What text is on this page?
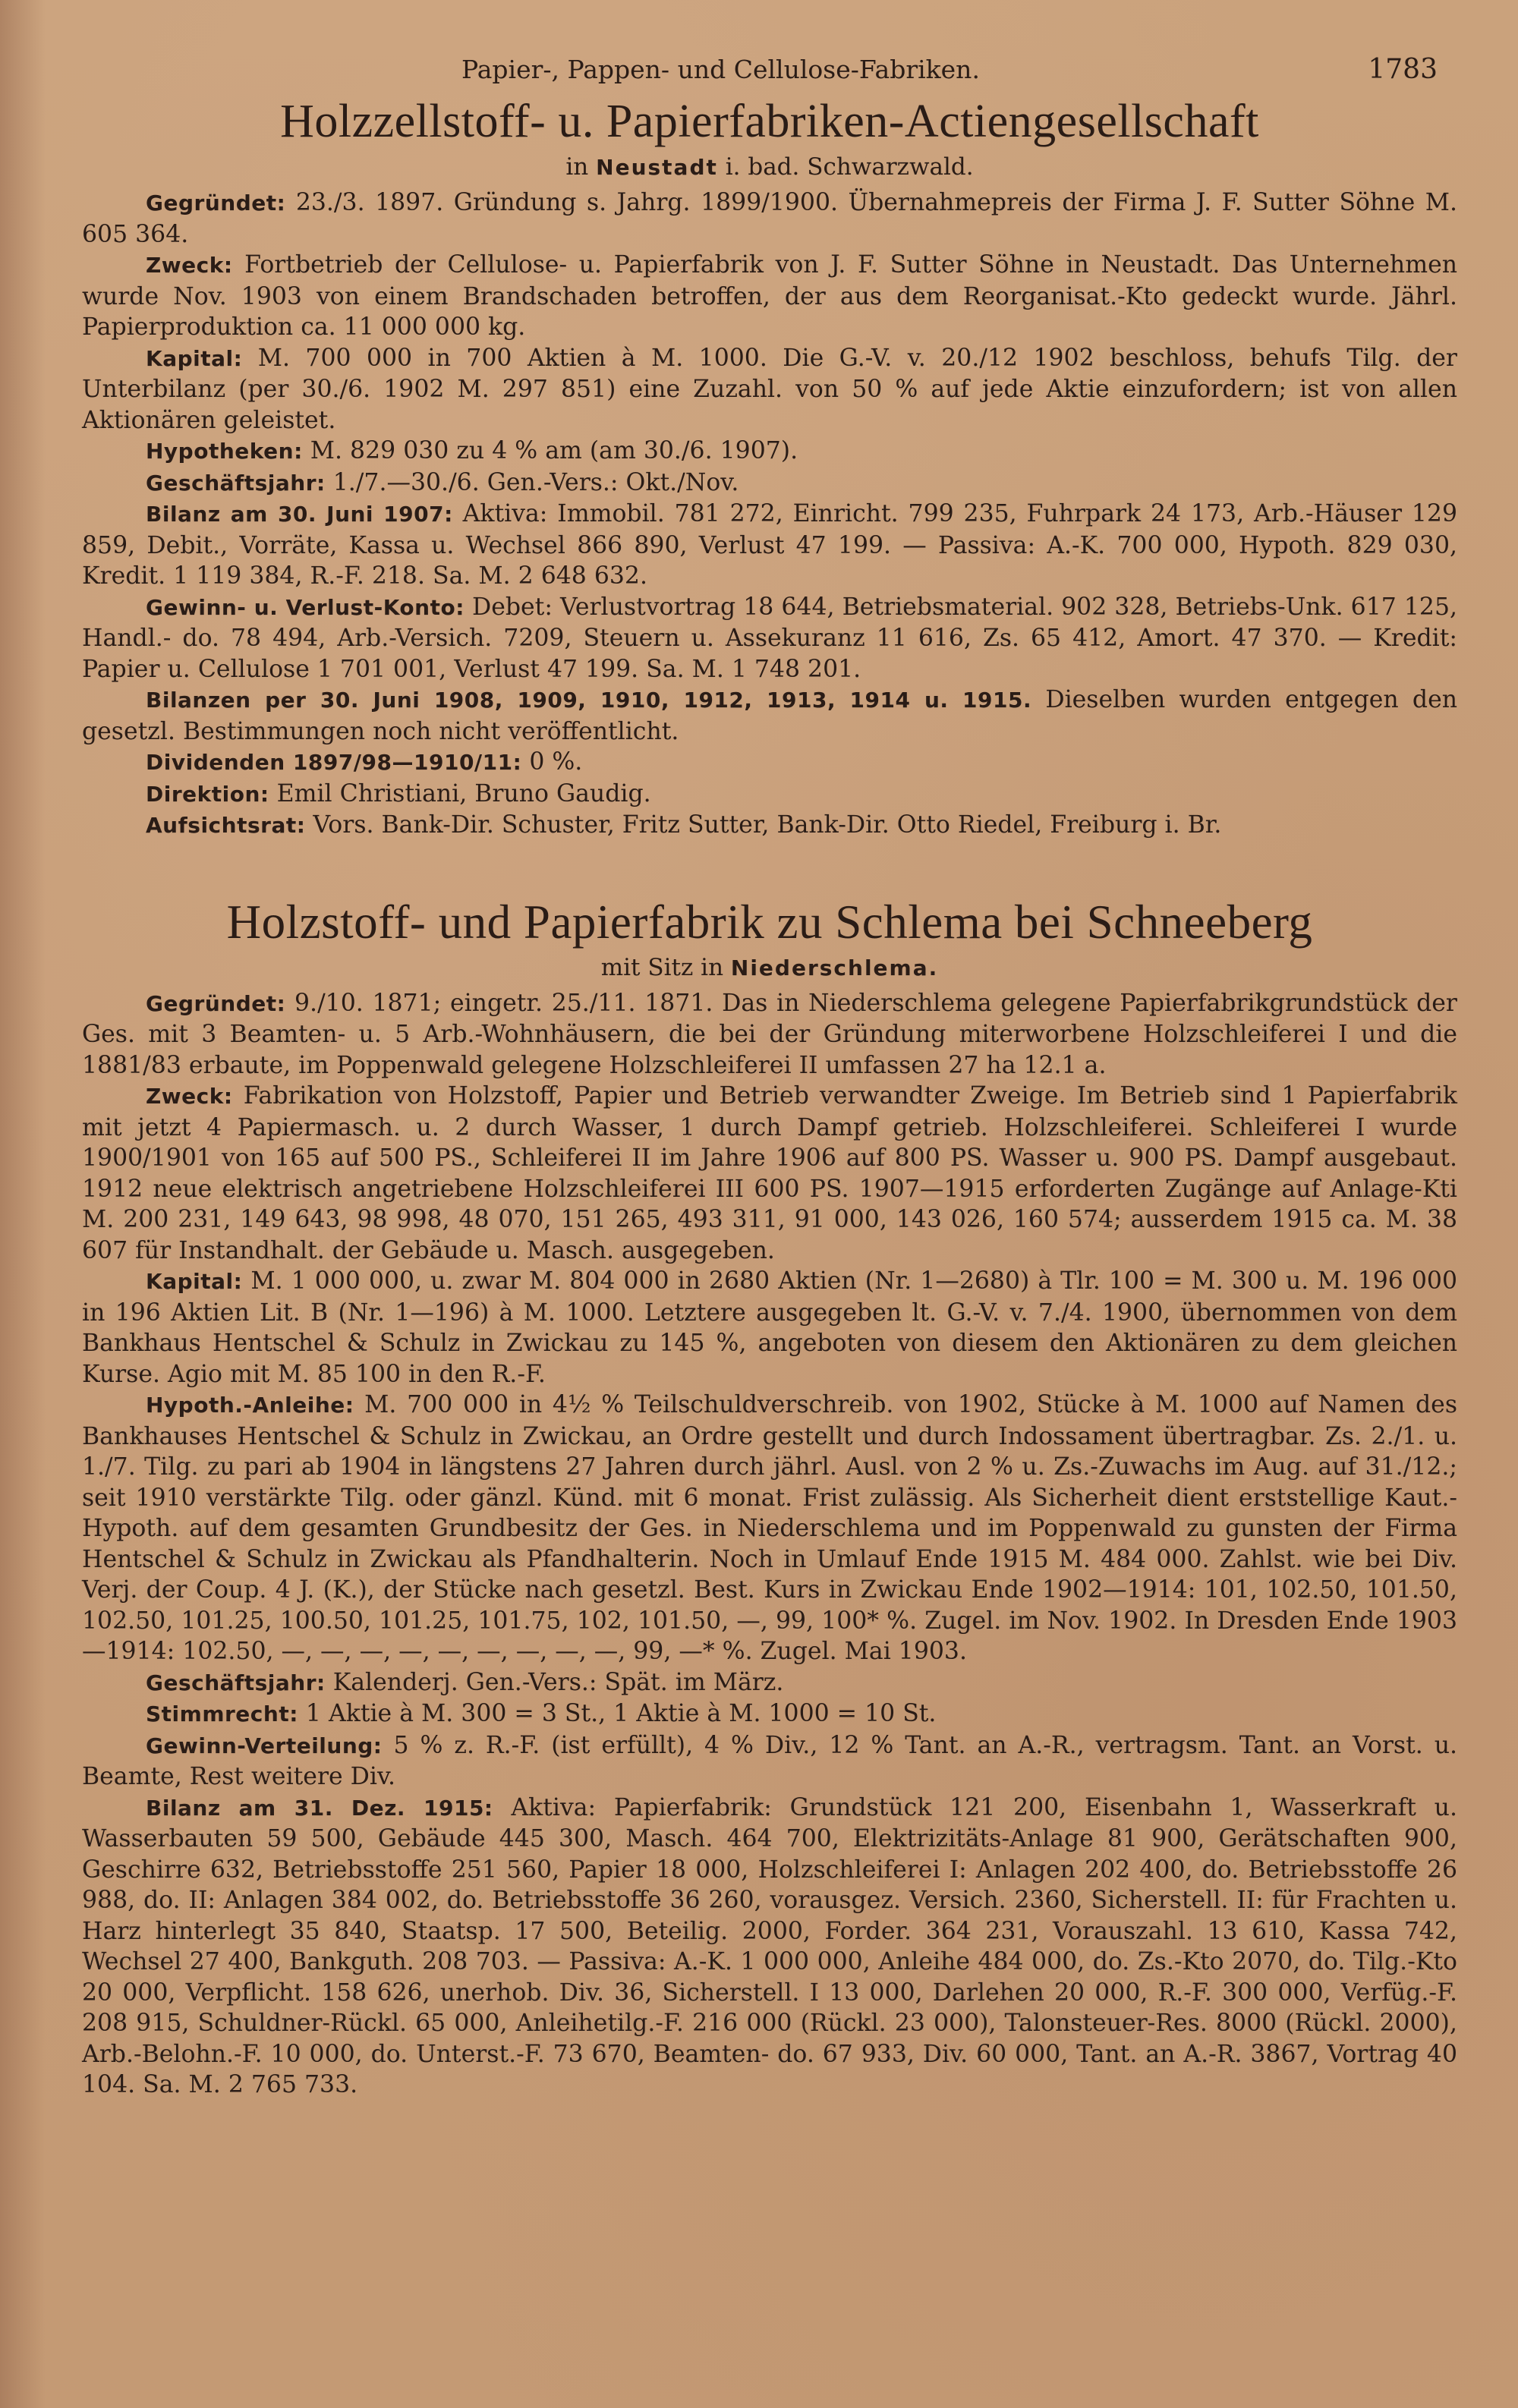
Papier-, Pappen- und Cellulose-Fabriken.	1783
Holzzellstoff- u. Papierfabriken-Actiengesellschaft
in Neustadt i. bad. Schwarzwald.

Gegründet: 23./3. 1897. Gründung s. Jahrg. 1899/1900. Übernahmepreis der Firma J. F. Sutter Söhne M. 605 364.

Zweck: Fortbetrieb der Cellulose- u. Papierfabrik von J. F. Sutter Söhne in Neustadt. Das Unternehmen wurde Nov. 1903 von einem Brandschaden betroffen, der aus dem Reorganisat.-Kto gedeckt wurde. Jährl. Papierproduktion ca. 11 000 000 kg.

Kapital: M. 700 000 in 700 Aktien à M. 1000. Die G.-V. v. 20./12 1902 beschloss, behufs Tilg. der Unterbilanz (per 30./6. 1902 M. 297 851) eine Zuzahl. von 50 % auf jede Aktie einzufordern; ist von allen Aktionären geleistet.

Hypotheken: M. 829 030 zu 4 % am (am 30./6. 1907).

Geschäftsjahr: 1./7.—30./6. Gen.-Vers.: Okt./Nov.

Bilanz am 30. Juni 1907: Aktiva: Immobil. 781 272, Einricht. 799 235, Fuhrpark 24 173, Arb.-Häuser 129 859, Debit., Vorräte, Kassa u. Wechsel 866 890, Verlust 47 199. — Passiva: A.-K. 700 000, Hypoth. 829 030, Kredit. 1 119 384, R.-F. 218. Sa. M. 2 648 632.

Gewinn- u. Verlust-Konto: Debet: Verlustvortrag 18 644, Betriebsmaterial. 902 328, Betriebs-Unk. 617 125, Handl.- do. 78 494, Arb.-Versich. 7209, Steuern u. Assekuranz 11 616, Zs. 65 412, Amort. 47 370. — Kredit: Papier u. Cellulose 1 701 001, Verlust 47 199. Sa. M. 1 748 201.

Bilanzen per 30. Juni 1908, 1909, 1910, 1912, 1913, 1914 u. 1915. Dieselben wurden entgegen den gesetzl. Bestimmungen noch nicht veröffentlicht.

Dividenden 1897/98—1910/11: 0 %.

Direktion: Emil Christiani, Bruno Gaudig.

Aufsichtsrat: Vors. Bank-Dir. Schuster, Fritz Sutter, Bank-Dir. Otto Riedel, Freiburg i. Br.

Holzstoff- und Papierfabrik zu Schlema bei Schneeberg
mit Sitz in Niederschlema.

Gegründet: 9./10. 1871; eingetr. 25./11. 1871. Das in Niederschlema gelegene Papierfabrikgrundstück der Ges. mit 3 Beamten- u. 5 Arb.-Wohnhäusern, die bei der Gründung miterworbene Holzschleiferei I und die 1881/83 erbaute, im Poppenwald gelegene Holzschleiferei II umfassen 27 ha 12.1 a.

Zweck: Fabrikation von Holzstoff, Papier und Betrieb verwandter Zweige. Im Betrieb sind 1 Papierfabrik mit jetzt 4 Papiermasch. u. 2 durch Wasser, 1 durch Dampf getrieb. Holzschleiferei. Schleiferei I wurde 1900/1901 von 165 auf 500 PS., Schleiferei II im Jahre 1906 auf 800 PS. Wasser u. 900 PS. Dampf ausgebaut. 1912 neue elektrisch angetriebene Holzschleiferei III 600 PS. 1907—1915 erforderten Zugänge auf Anlage-Kti M. 200 231, 149 643, 98 998, 48 070, 151 265, 493 311, 91 000, 143 026, 160 574; ausserdem 1915 ca. M. 38 607 für Instandhalt. der Gebäude u. Masch. ausgegeben.

Kapital: M. 1 000 000, u. zwar M. 804 000 in 2680 Aktien (Nr. 1—2680) à Tlr. 100 = M. 300 u. M. 196 000 in 196 Aktien Lit. B (Nr. 1—196) à M. 1000. Letztere ausgegeben lt. G.-V. v. 7./4. 1900, übernommen von dem Bankhaus Hentschel & Schulz in Zwickau zu 145 %, angeboten von diesem den Aktionären zu dem gleichen Kurse. Agio mit M. 85 100 in den R.-F.

Hypoth.-Anleihe: M. 700 000 in 4½ % Teilschuldverschreib. von 1902, Stücke à M. 1000 auf Namen des Bankhauses Hentschel & Schulz in Zwickau, an Ordre gestellt und durch Indossament übertragbar. Zs. 2./1. u. 1./7. Tilg. zu pari ab 1904 in längstens 27 Jahren durch jährl. Ausl. von 2 % u. Zs.-Zuwachs im Aug. auf 31./12.; seit 1910 verstärkte Tilg. oder gänzl. Künd. mit 6 monat. Frist zulässig. Als Sicherheit dient erststellige Kaut.-Hypoth. auf dem gesamten Grundbesitz der Ges. in Niederschlema und im Poppenwald zu gunsten der Firma Hentschel & Schulz in Zwickau als Pfandhalterin. Noch in Umlauf Ende 1915 M. 484 000. Zahlst. wie bei Div. Verj. der Coup. 4 J. (K.), der Stücke nach gesetzl. Best. Kurs in Zwickau Ende 1902—1914: 101, 102.50, 101.50, 102.50, 101.25, 100.50, 101.25, 101.75, 102, 101.50, —, 99, 100* %. Zugel. im Nov. 1902. In Dresden Ende 1903—1914: 102.50, —, —, —, —, —, —, —, —, —, 99, —* %. Zugel. Mai 1903.

Geschäftsjahr: Kalenderj. Gen.-Vers.: Spät. im März.

Stimmrecht: 1 Aktie à M. 300 = 3 St., 1 Aktie à M. 1000 = 10 St.

Gewinn-Verteilung: 5 % z. R.-F. (ist erfüllt), 4 % Div., 12 % Tant. an A.-R., vertragsm. Tant. an Vorst. u. Beamte, Rest weitere Div.

Bilanz am 31. Dez. 1915: Aktiva: Papierfabrik: Grundstück 121 200, Eisenbahn 1, Wasserkraft u. Wasserbauten 59 500, Gebäude 445 300, Masch. 464 700, Elektrizitäts-Anlage 81 900, Gerätschaften 900, Geschirre 632, Betriebsstoffe 251 560, Papier 18 000, Holzschleiferei I: Anlagen 202 400, do. Betriebsstoffe 26 988, do. II: Anlagen 384 002, do. Betriebsstoffe 36 260, vorausgez. Versich. 2360, Sicherstell. II: für Frachten u. Harz hinterlegt 35 840, Staatsp. 17 500, Beteilig. 2000, Forder. 364 231, Vorauszahl. 13 610, Kassa 742, Wechsel 27 400, Bankguth. 208 703. — Passiva: A.-K. 1 000 000, Anleihe 484 000, do. Zs.-Kto 2070, do. Tilg.-Kto 20 000, Verpflicht. 158 626, unerhob. Div. 36, Sicherstell. I 13 000, Darlehen 20 000, R.-F. 300 000, Verfüg.-F. 208 915, Schuldner-Rückl. 65 000, Anleihetilg.-F. 216 000 (Rückl. 23 000), Talonsteuer-Res. 8000 (Rückl. 2000), Arb.-Belohn.-F. 10 000, do. Unterst.-F. 73 670, Beamten- do. 67 933, Div. 60 000, Tant. an A.-R. 3867, Vortrag 40 104. Sa. M. 2 765 733.
